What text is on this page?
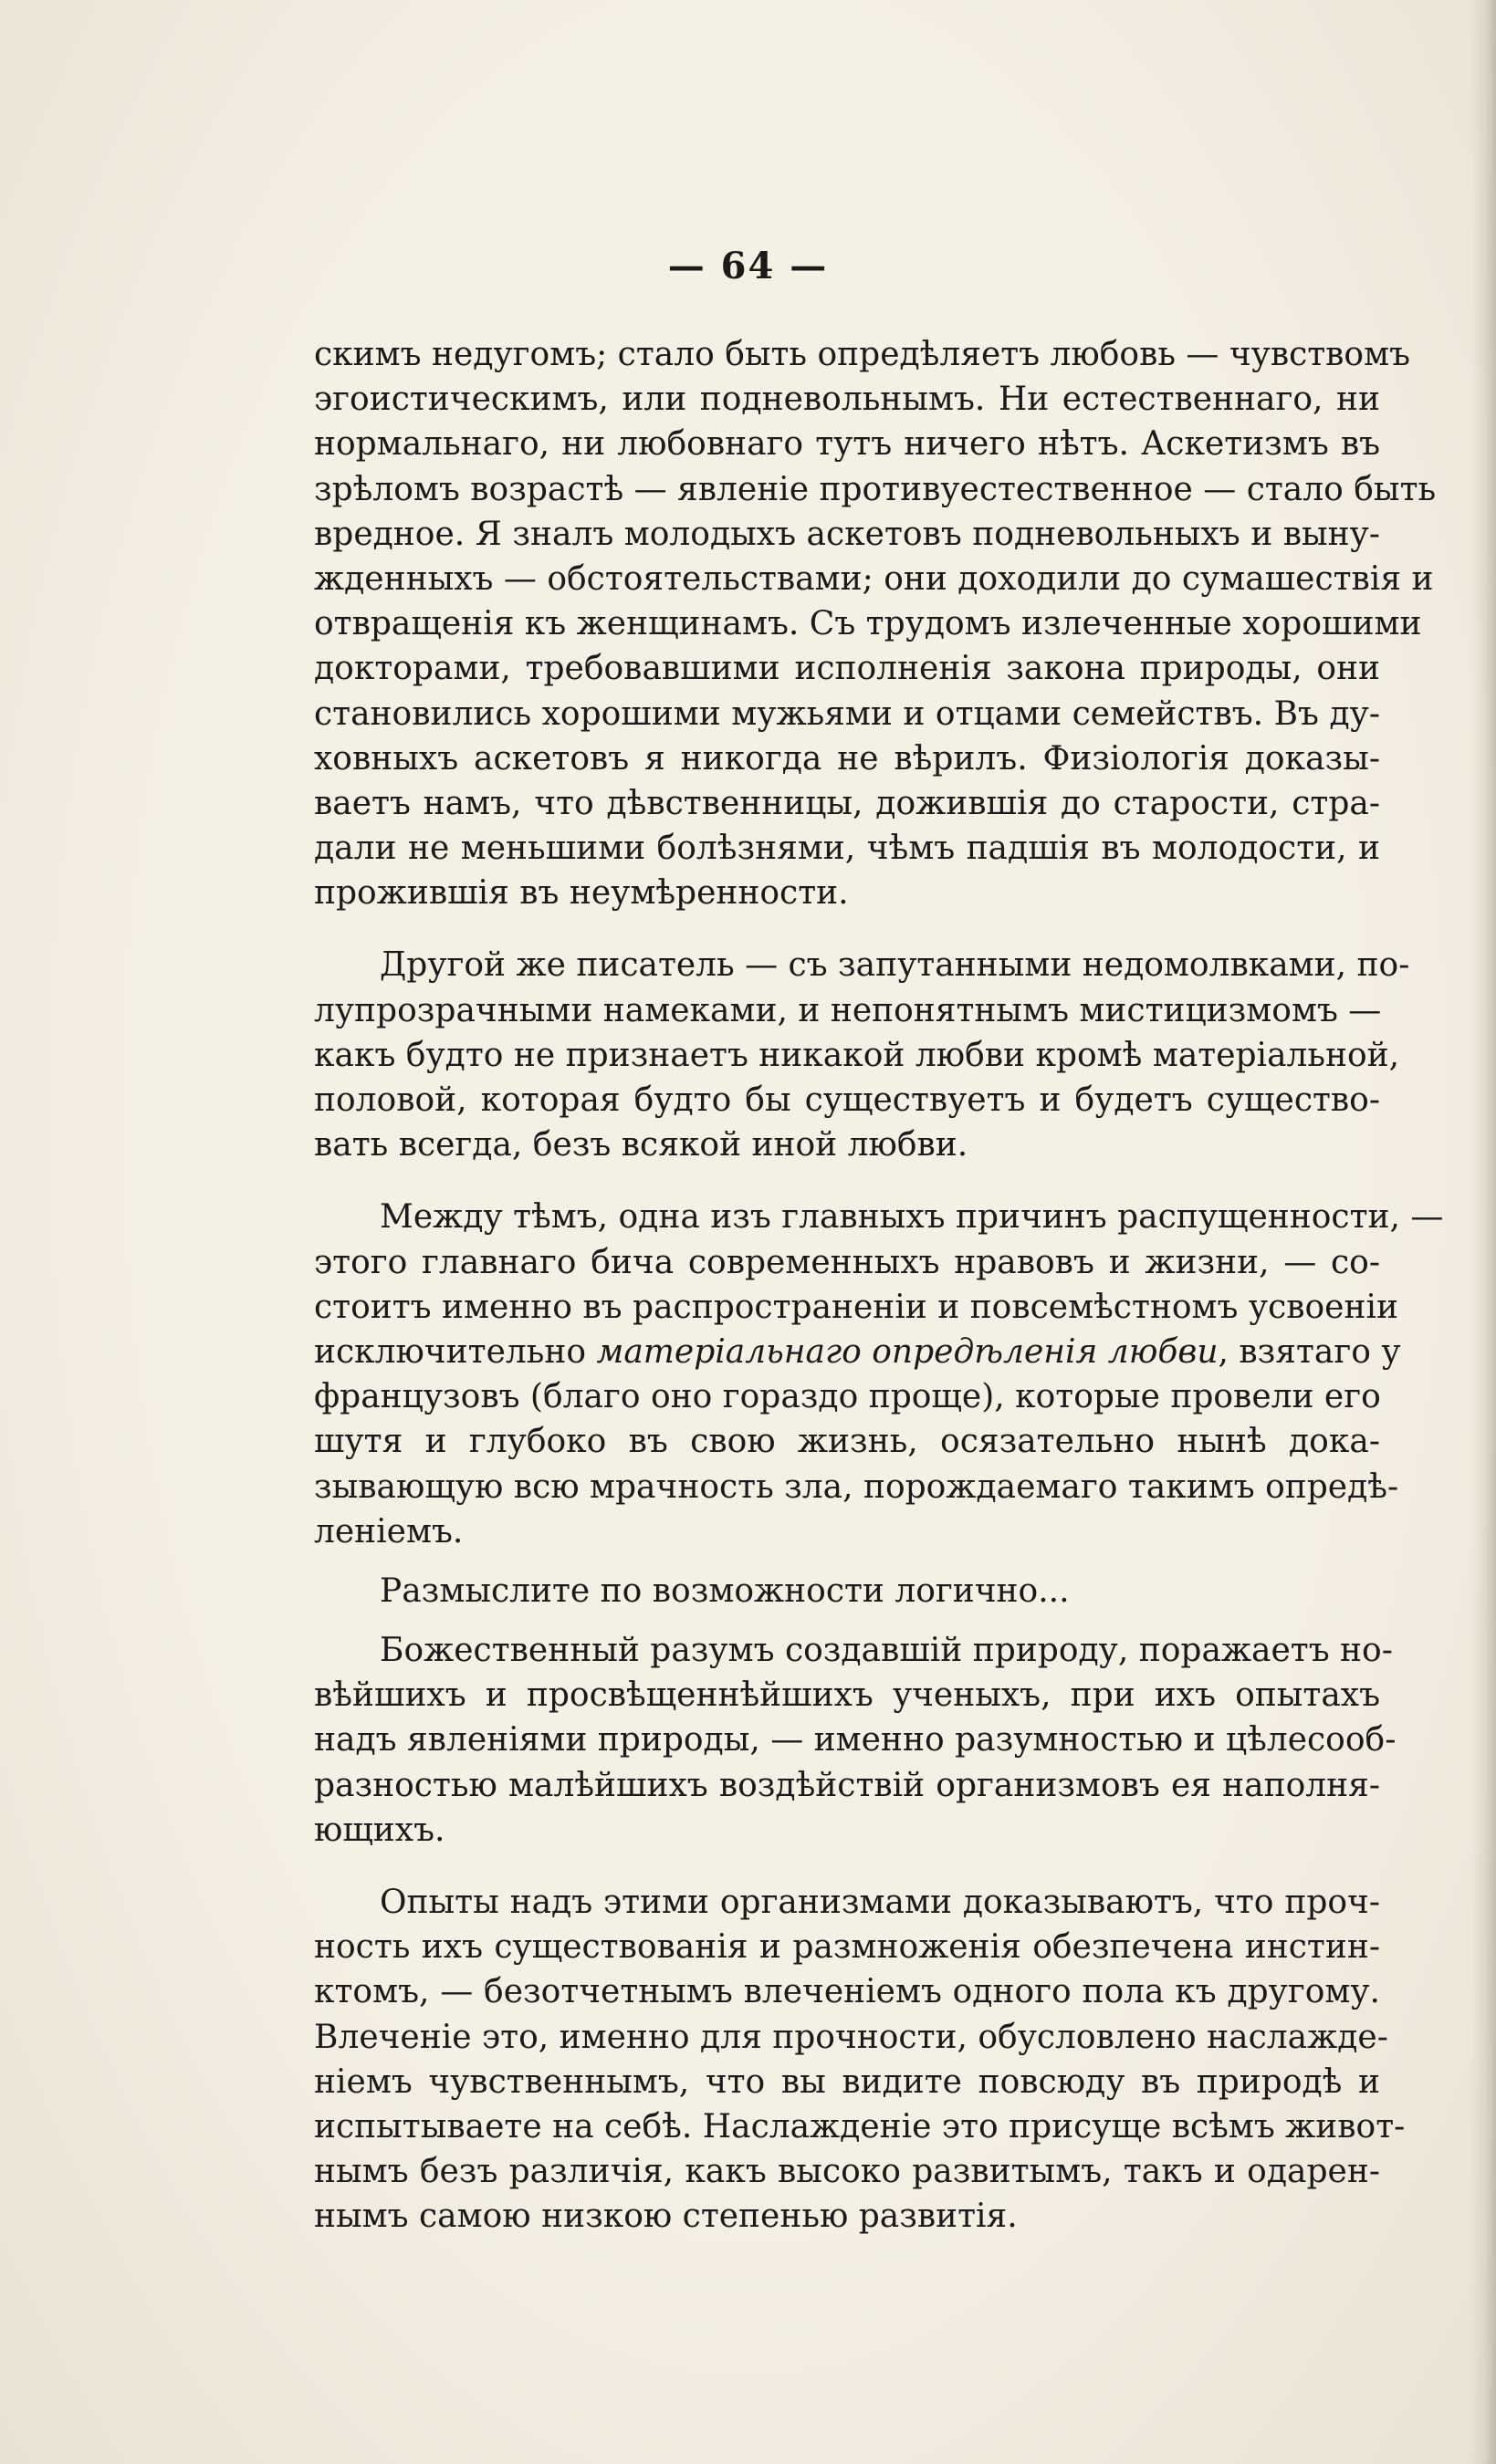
— 64 —
скимъ недугомъ; стало быть опредѣляетъ любовь — чувствомъ
эгоистическимъ, или подневольнымъ. Ни естественнаго, ни
нормальнаго, ни любовнаго тутъ ничего нѣтъ. Аскетизмъ въ
зрѣломъ возрастѣ — явленіе противуестественное — стало быть
вредное. Я зналъ молодыхъ аскетовъ подневольныхъ и выну-
жденныхъ — обстоятельствами; они доходили до сумашествія и
отвращенія къ женщинамъ. Съ трудомъ излеченные хорошими
докторами, требовавшими исполненія закона природы, они
становились хорошими мужьями и отцами семействъ. Въ ду-
ховныхъ аскетовъ я никогда не вѣрилъ. Физіологія доказы-
ваетъ намъ, что дѣвственницы, дожившія до старости, стра-
дали не меньшими болѣзнями, чѣмъ падшія въ молодости, и
прожившія въ неумѣренности.
Другой же писатель — съ запутанными недомолвками, по-
лупрозрачными намеками, и непонятнымъ мистицизмомъ —
какъ будто не признаетъ никакой любви кромѣ матеріальной,
половой, которая будто бы существуетъ и будетъ существо-
вать всегда, безъ всякой иной любви.
Между тѣмъ, одна изъ главныхъ причинъ распущенности, —
этого главнаго бича современныхъ нравовъ и жизни, — со-
стоитъ именно въ распространеніи и повсемѣстномъ усвоеніи
исключительно матеріальнаго опредѣленія любви, взятаго у
французовъ (благо оно гораздо проще), которые провели его
шутя и глубоко въ свою жизнь, осязательно нынѣ дока-
зывающую всю мрачность зла, порождаемаго такимъ опредѣ-
леніемъ.
Размыслите по возможности логично...
Божественный разумъ создавшій природу, поражаетъ но-
вѣйшихъ и просвѣщеннѣйшихъ ученыхъ, при ихъ опытахъ
надъ явленіями природы, — именно разумностью и цѣлесооб-
разностью малѣйшихъ воздѣйствій организмовъ ея наполня-
ющихъ.
Опыты надъ этими организмами доказываютъ, что проч-
ность ихъ существованія и размноженія обезпечена инстин-
ктомъ, — безотчетнымъ влеченіемъ одного пола къ другому.
Влеченіе это, именно для прочности, обусловлено наслажде-
ніемъ чувственнымъ, что вы видите повсюду въ природѣ и
испытываете на себѣ. Наслажденіе это присуще всѣмъ живот-
нымъ безъ различія, какъ высоко развитымъ, такъ и одарен-
нымъ самою низкою степенью развитія.
